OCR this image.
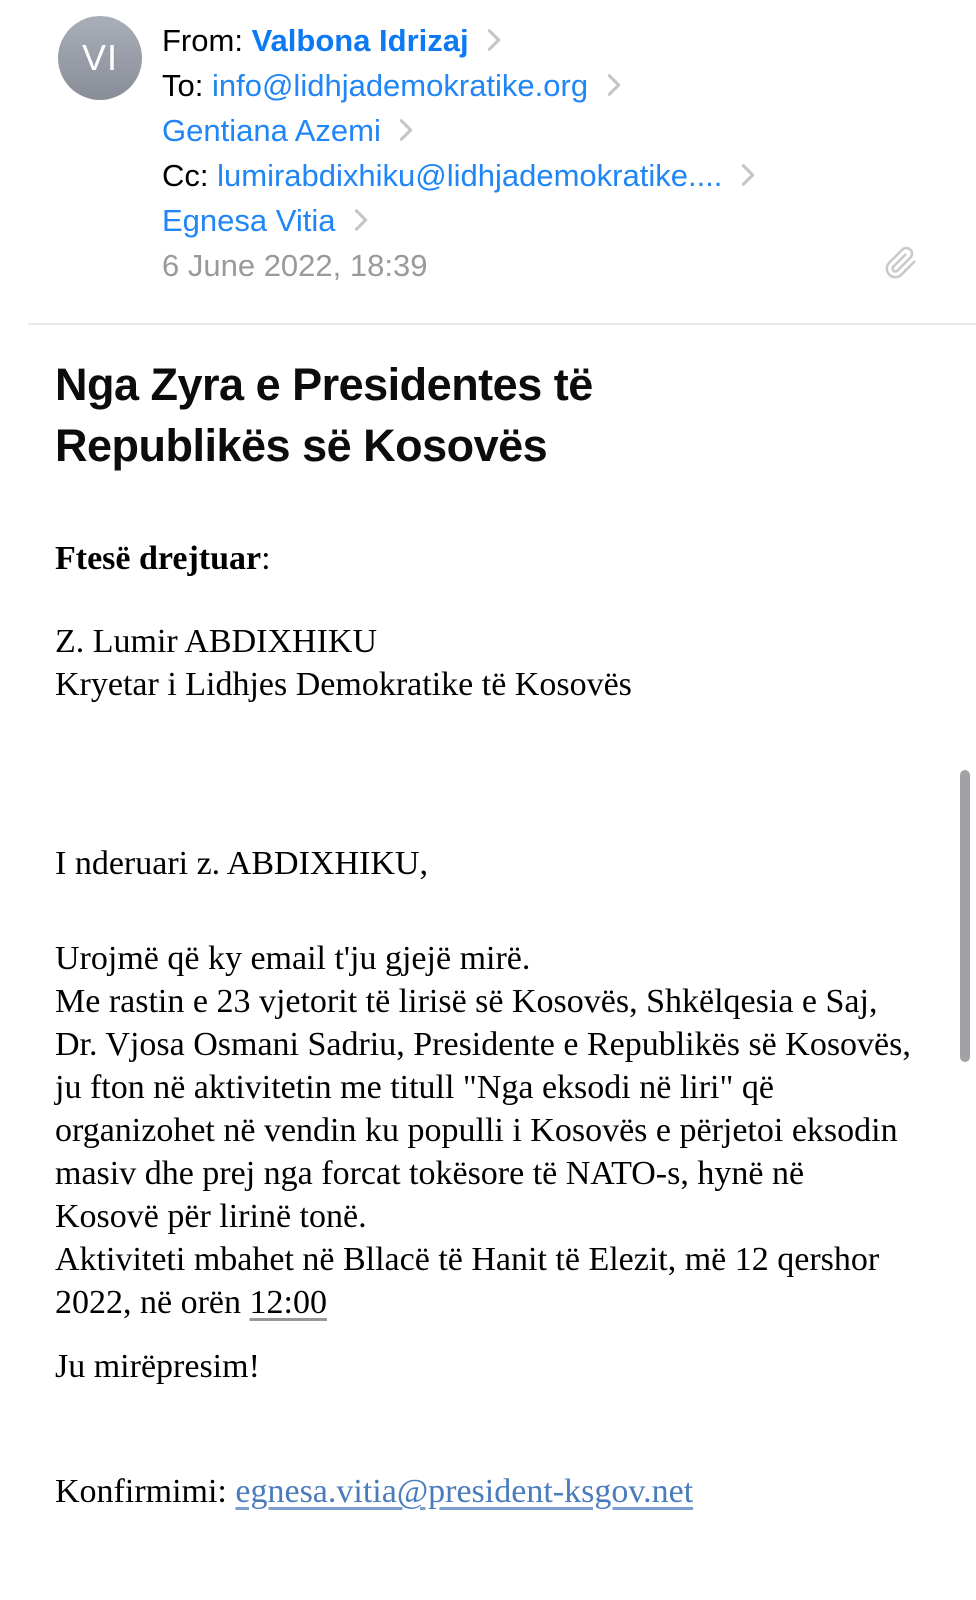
VI From: Valbona Idrizaj
To: info@lidhjademokratike.org
Gentiana Azemi
Cc: lumirabdixhiku@lidhjademokratike....
Egnesa Vitia
6 June 2022, 18:39
Nga Zyra e Presidentes të
Republikës së Kosovës
Ftesë drejtuar:
Z. Lumir ABDIXHIKU
Kryetar i Lidhjes Demokratike të Kosovës
I nderuari z. ABDIXHIKU,
Urojmë që ky email t'ju gjejë mirë.
Me rastin e 23 vjetorit të lirisë së Kosovës, Shkëlqesia e Saj,
Dr. Vjosa Osmani Sadriu, Presidente e Republikës së Kosovës,
ju fton në aktivitetin me titull "Nga eksodi në liri" që
organizohet në vendin ku populli i Kosovës e përjetoi eksodin
masiv dhe prej nga forcat tokësore të NATO-s, hynë në
Kosovë për lirinë tonë.
Aktiviteti mbahet në Bllacë të Hanit të Elezit, më 12 qershor
2022, në orën 12:00
Ju mirëpresim!
Konfirmimi: egnesa.vitia@president-ksgov.net
